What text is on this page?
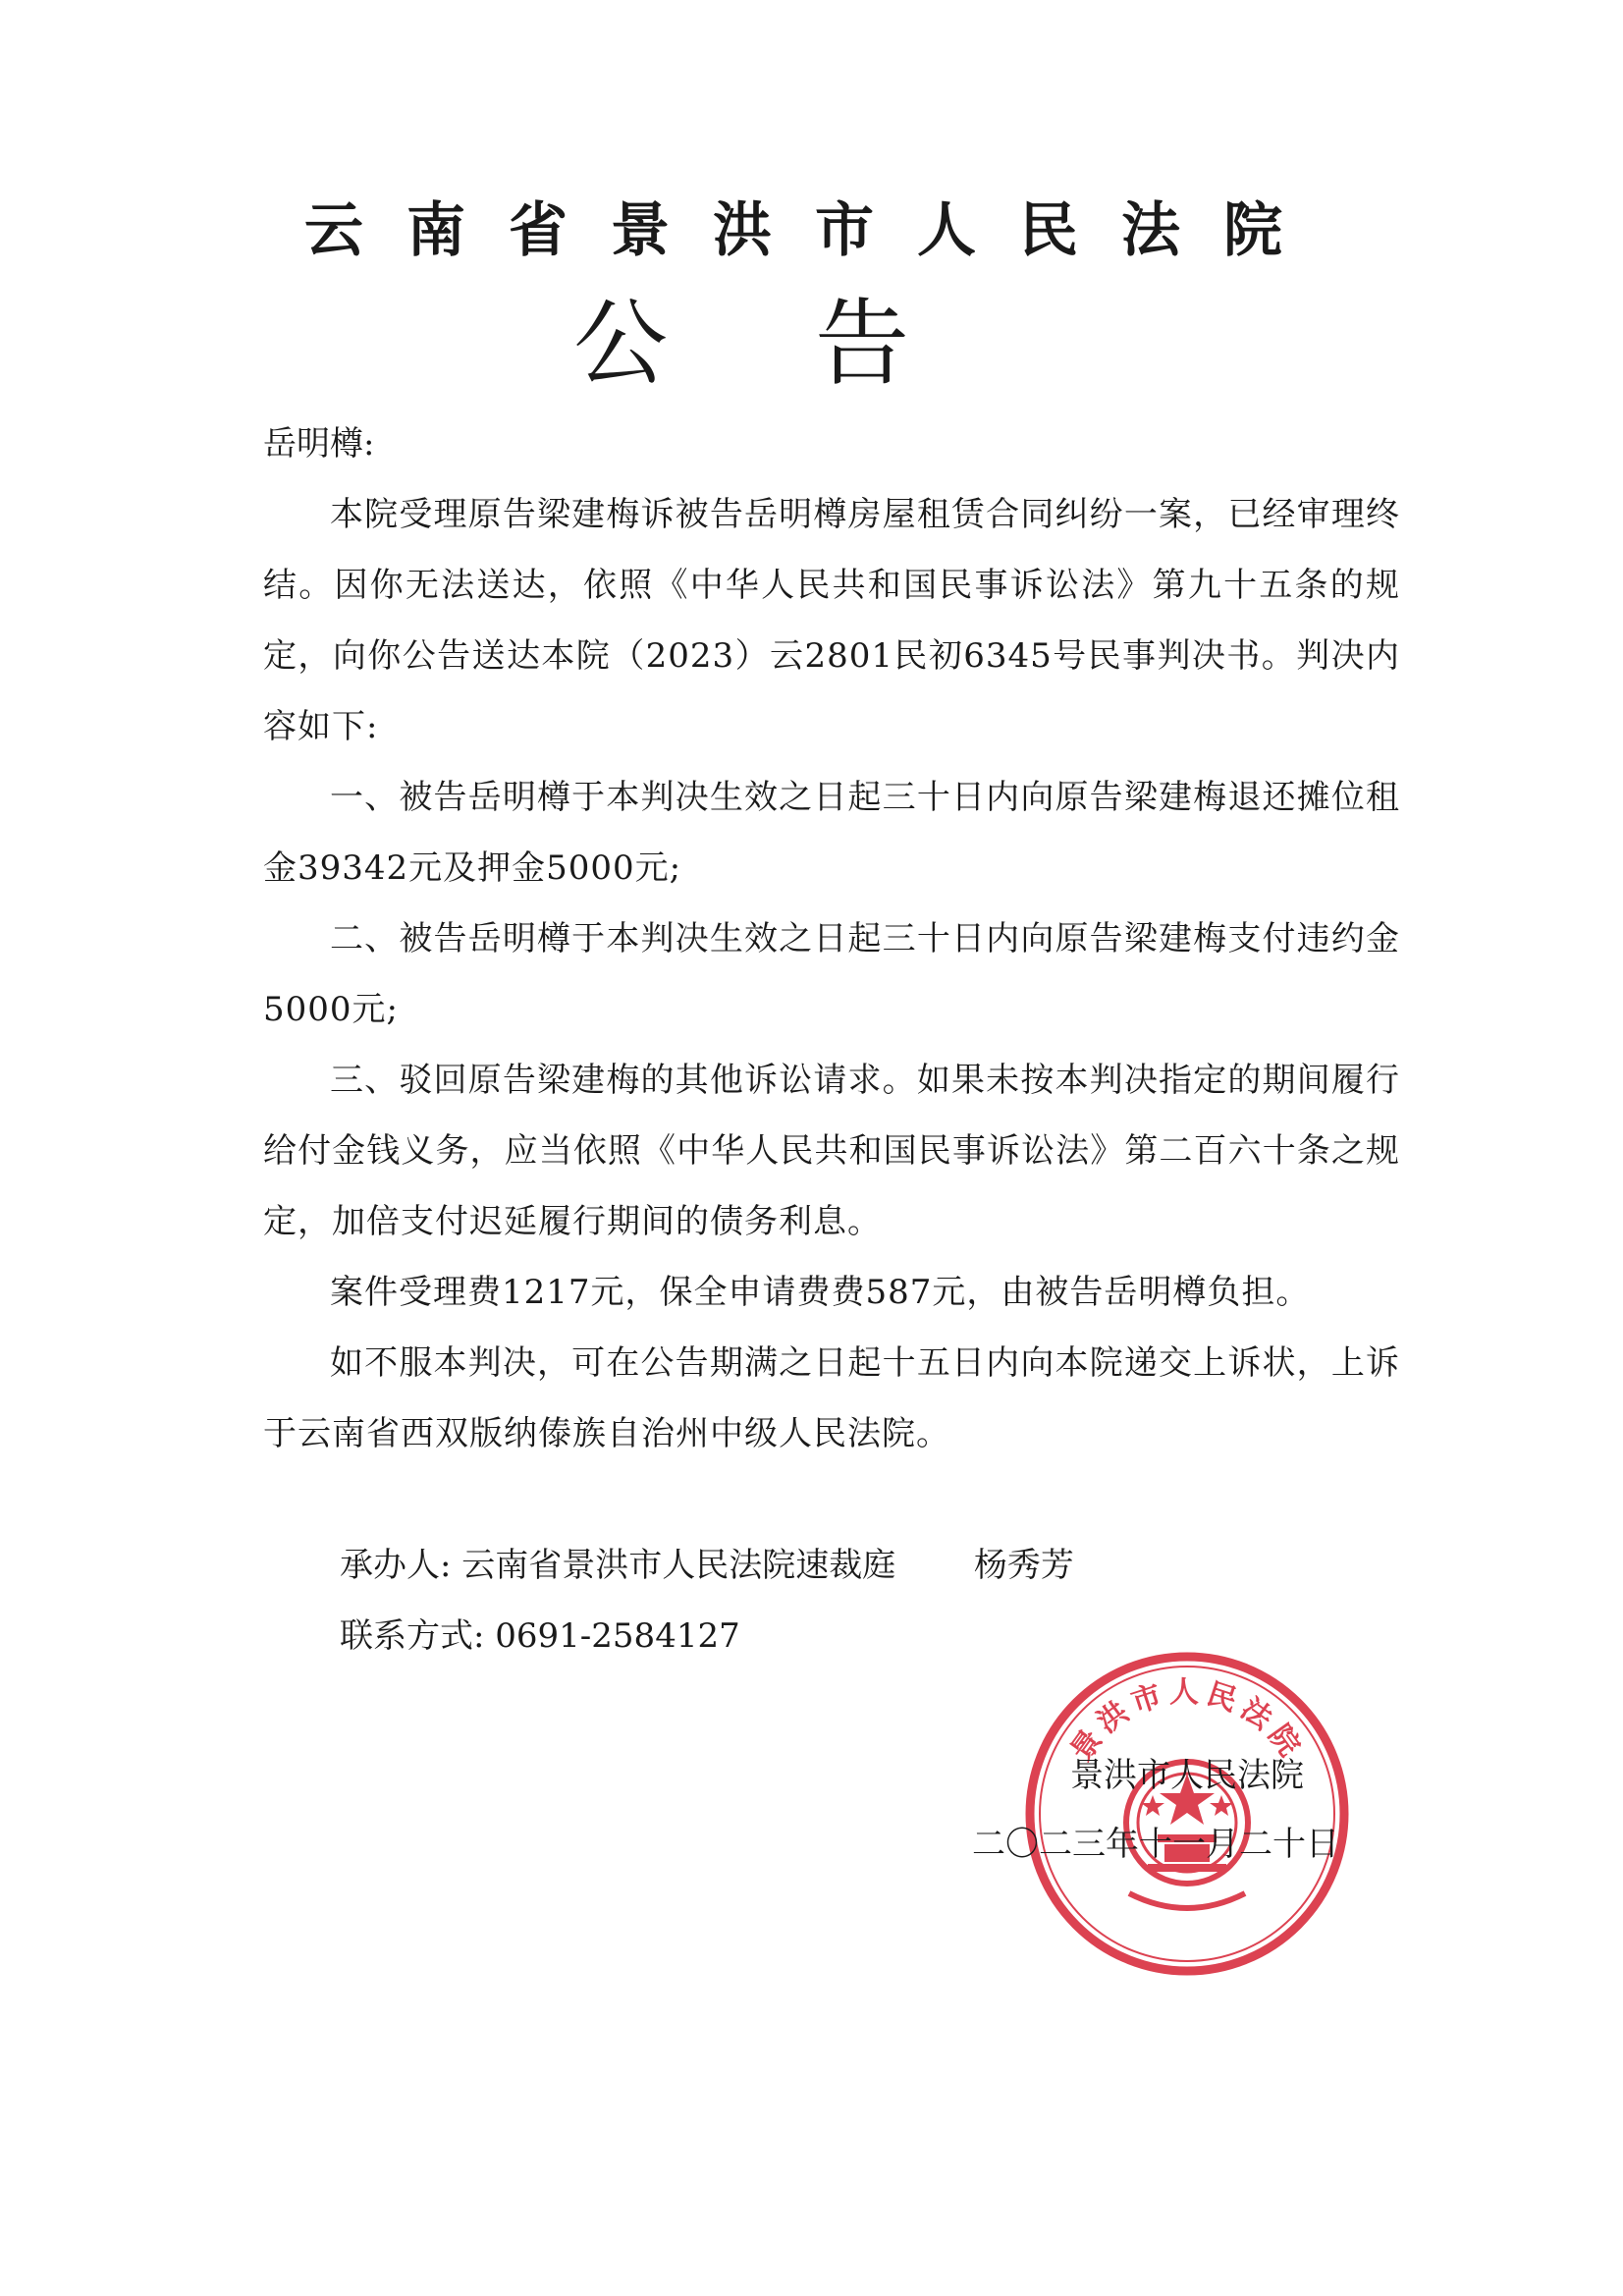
云南省景洪市人民法院
公告
岳明樽:

本院受理原告梁建梅诉被告岳明樽房屋租赁合同纠纷一案，已经审理终结。因你无法送达，依照《中华人民共和国民事诉讼法》第九十五条的规定，向你公告送达本院（2023）云2801民初6345号民事判决书。判决内容如下:

一、被告岳明樽于本判决生效之日起三十日内向原告梁建梅退还摊位租金39342元及押金5000元;

二、被告岳明樽于本判决生效之日起三十日内向原告梁建梅支付违约金5000元;

三、驳回原告梁建梅的其他诉讼请求。如果未按本判决指定的期间履行给付金钱义务，应当依照《中华人民共和国民事诉讼法》第二百六十条之规定，加倍支付迟延履行期间的债务利息。

案件受理费1217元，保全申请费费587元，由被告岳明樽负担。

如不服本判决，可在公告期满之日起十五日内向本院递交上诉状，上诉于云南省西双版纳傣族自治州中级人民法院。

承办人: 云南省景洪市人民法院速裁庭 杨秀芳
联系方式: 0691-2584127
景洪市人民法院
景洪市人民法院
二〇二三年十一月二十日
